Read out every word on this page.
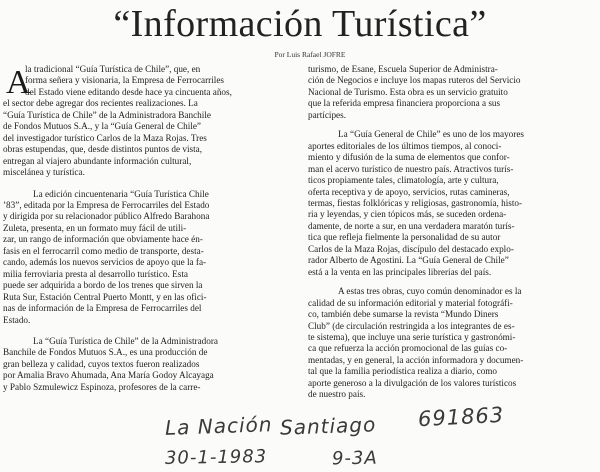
“Información Turística”
Por Luis Rafael JOFRE
A

la tradicional “Guía Turística de Chile”, que, en
forma señera y visionaria, la Empresa de Ferrocarriles
del Estado viene editando desde hace ya cincuenta años,

el sector debe agregar dos recientes realizaciones. La
“Guía Turística de Chile” de la Administradora Banchile
de Fondos Mutuos S.A., y la “Guía General de Chile”
del investigador turístico Carlos de la Maza Rojas. Tres
obras estupendas, que, desde distintos puntos de vista,
entregan al viajero abundante información cultural,
miscelánea y turística.

La edición cincuentenaria “Guía Turística Chile
’83”, editada por la Empresa de Ferrocarriles del Estado
y dirigida por su relacionador público Alfredo Barahona
Zuleta, presenta, en un formato muy fácil de utili-
zar, un rango de información que obviamente hace én-
fasis en el ferrocarril como medio de transporte, desta-
cando, además los nuevos servicios de apoyo que la fa-
milia ferroviaria presta al desarrollo turístico. Esta
puede ser adquirida a bordo de los trenes que sirven la
Ruta Sur, Estación Central Puerto Montt, y en las ofici-
nas de información de la Empresa de Ferrocarriles del
Estado.

La “Guía Turística de Chile” de la Administradora
Banchile de Fondos Mutuos S.A., es una producción de
gran belleza y calidad, cuyos textos fueron realizados
por Amalia Bravo Ahumada, Ana María Godoy Alcayaga
y Pablo Szmulewicz Espinoza, profesores de la carre-

turismo, de Esane, Escuela Superior de Administra-
ción de Negocios e incluye los mapas ruteros del Servicio
Nacional de Turismo. Esta obra es un servicio gratuito
que la referida empresa financiera proporciona a sus
partícipes.

La “Guía General de Chile” es uno de los mayores
aportes editoriales de los últimos tiempos, al conoci-
miento y difusión de la suma de elementos que confor-
man el acervo turístico de nuestro país. Atractivos turís-
ticos propiamente tales, climatología, arte y cultura,
oferta receptiva y de apoyo, servicios, rutas camineras,
termas, fiestas folklóricas y religiosas, gastronomía, histo-
ria y leyendas, y cien tópicos más, se suceden ordena-
damente, de norte a sur, en una verdadera maratón turís-
tica que refleja fielmente la personalidad de su autor
Carlos de la Maza Rojas, discípulo del destacado explo-
rador Alberto de Agostini. La “Guía General de Chile”
está a la venta en las principales librerías del país.

A estas tres obras, cuyo común denominador es la
calidad de su información editorial y material fotográfi-
co, también debe sumarse la revista “Mundo Diners
Club” (de circulación restringida a los integrantes de es-
te sistema), que incluye una serie turística y gastronómi-
ca que refuerza la acción promocional de las guías co-
mentadas, y en general, la acción informadora y documen-
tal que la familia periodística realiza a diario, como
aporte generoso a la divulgación de los valores turísticos
de nuestro país.

La Nación Santiago 691863
30-1-1983	9-3A
